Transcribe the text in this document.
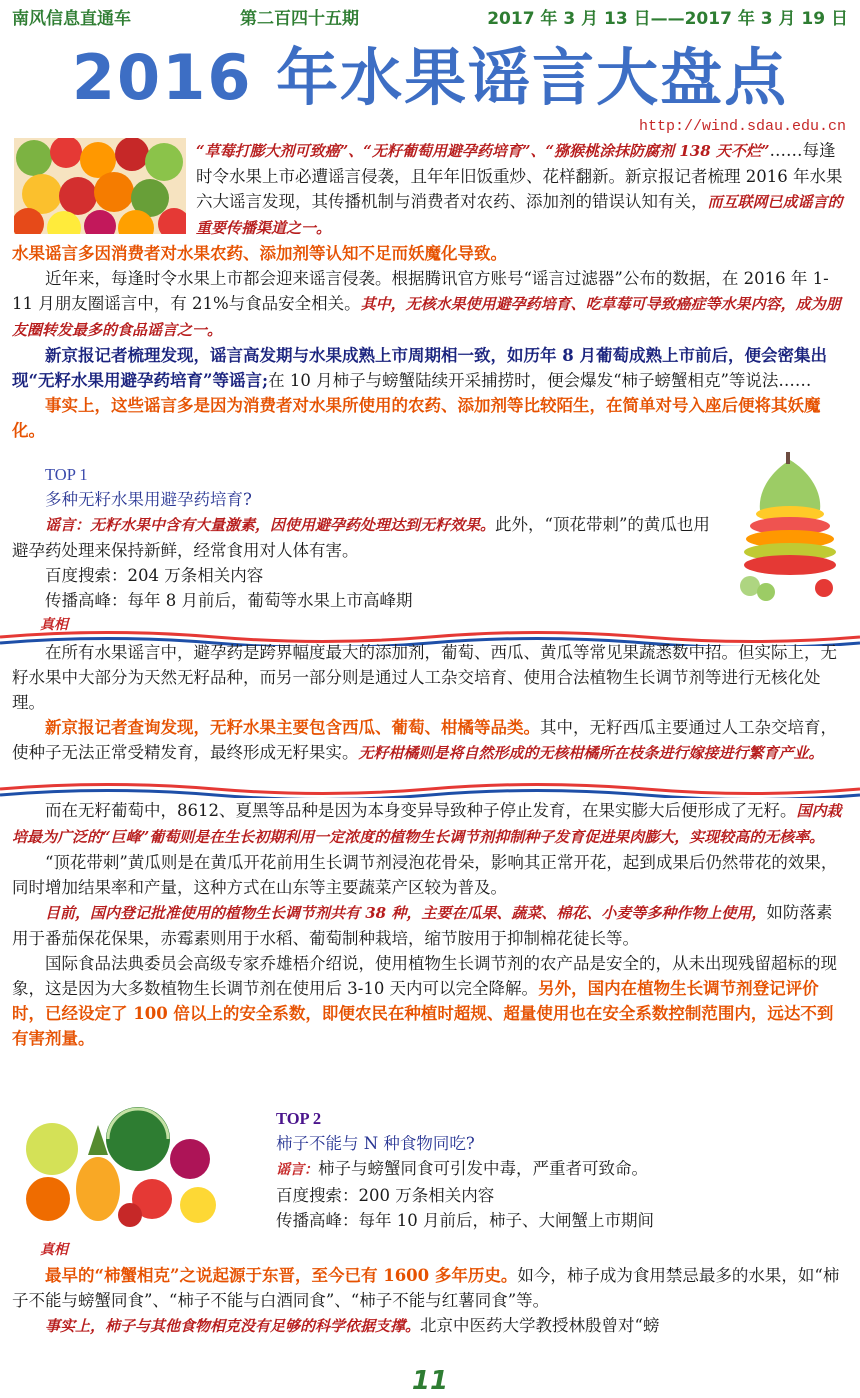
南风信息直通车	第二百四十五期	2017 年 3 月 13 日——2017 年 3 月 19 日
2016 年水果谣言大盘点
http://wind.sdau.edu.cn

“草莓打膨大剂可致癌”、“无籽葡萄用避孕药培育”、“猕猴桃涂抹防腐剂 138 天不烂”……每逢时令水果上市必遭谣言侵袭，且年年旧饭重炒、花样翻新。新京报记者梳理 2016 年水果六大谣言发现，其传播机制与消费者对农药、添加剂的错误认知有关，而互联网已成谣言的重要传播渠道之一。

水果谣言多因消费者对水果农药、添加剂等认知不足而妖魔化导致。

近年来，每逢时令水果上市都会迎来谣言侵袭。根据腾讯官方账号“谣言过滤器”公布的数据，在 2016 年 1-11 月朋友圈谣言中，有 21%与食品安全相关。其中，无核水果使用避孕药培育、吃草莓可导致癌症等水果内容，成为朋友圈转发最多的食品谣言之一。

新京报记者梳理发现，谣言高发期与水果成熟上市周期相一致，如历年 8 月葡萄成熟上市前后，便会密集出现“无籽水果用避孕药培育”等谣言;在 10 月柿子与螃蟹陆续开采捕捞时，便会爆发“柿子螃蟹相克”等说法……

事实上，这些谣言多是因为消费者对水果所使用的农药、添加剂等比较陌生，在简单对号入座后便将其妖魔化。

TOP 1

多种无籽水果用避孕药培育?

谣言：无籽水果中含有大量激素，因使用避孕药处理达到无籽效果。此外，“顶花带刺”的黄瓜也用避孕药处理来保持新鲜，经常食用对人体有害。

百度搜索：204 万条相关内容

传播高峰：每年 8 月前后，葡萄等水果上市高峰期

真相

在所有水果谣言中，避孕药是跨界幅度最大的添加剂，葡萄、西瓜、黄瓜等常见果蔬悉数中招。但实际上，无籽水果中大部分为天然无籽品种，而另一部分则是通过人工杂交培育、使用合法植物生长调节剂等进行无核化处理。

新京报记者查询发现，无籽水果主要包含西瓜、葡萄、柑橘等品类。其中，无籽西瓜主要通过人工杂交培育，使种子无法正常受精发育，最终形成无籽果实。无籽柑橘则是将自然形成的无核柑橘所在枝条进行嫁接进行繁育产业。

而在无籽葡萄中，8612、夏黑等品种是因为本身变异导致种子停止发育，在果实膨大后便形成了无籽。国内栽培最为广泛的“巨峰”葡萄则是在生长初期利用一定浓度的植物生长调节剂抑制种子发育促进果肉膨大，实现较高的无核率。

“顶花带刺”黄瓜则是在黄瓜开花前用生长调节剂浸泡花骨朵，影响其正常开花，起到成果后仍然带花的效果，同时增加结果率和产量，这种方式在山东等主要蔬菜产区较为普及。

目前，国内登记批准使用的植物生长调节剂共有 38 种，主要在瓜果、蔬菜、棉花、小麦等多种作物上使用，如防落素用于番茄保花保果，赤霉素则用于水稻、葡萄制种栽培，缩节胺用于抑制棉花徒长等。

国际食品法典委员会高级专家乔雄梧介绍说，使用植物生长调节剂的农产品是安全的，从未出现残留超标的现象，这是因为大多数植物生长调节剂在使用后 3-10 天内可以完全降解。另外，国内在植物生长调节剂登记评价时，已经设定了 100 倍以上的安全系数，即便农民在种植时超规、超量使用也在安全系数控制范围内，远达不到有害剂量。

TOP 2

柿子不能与 N 种食物同吃?

谣言：柿子与螃蟹同食可引发中毒，严重者可致命。

百度搜索：200 万条相关内容

传播高峰：每年 10 月前后，柿子、大闸蟹上市期间

真相

最早的“柿蟹相克”之说起源于东晋，至今已有 1600 多年历史。如今，柿子成为食用禁忌最多的水果，如“柿子不能与螃蟹同食”、“柿子不能与白酒同食”、“柿子不能与红薯同食”等。

事实上，柿子与其他食物相克没有足够的科学依据支撑。北京中医药大学教授林殷曾对“螃

11
